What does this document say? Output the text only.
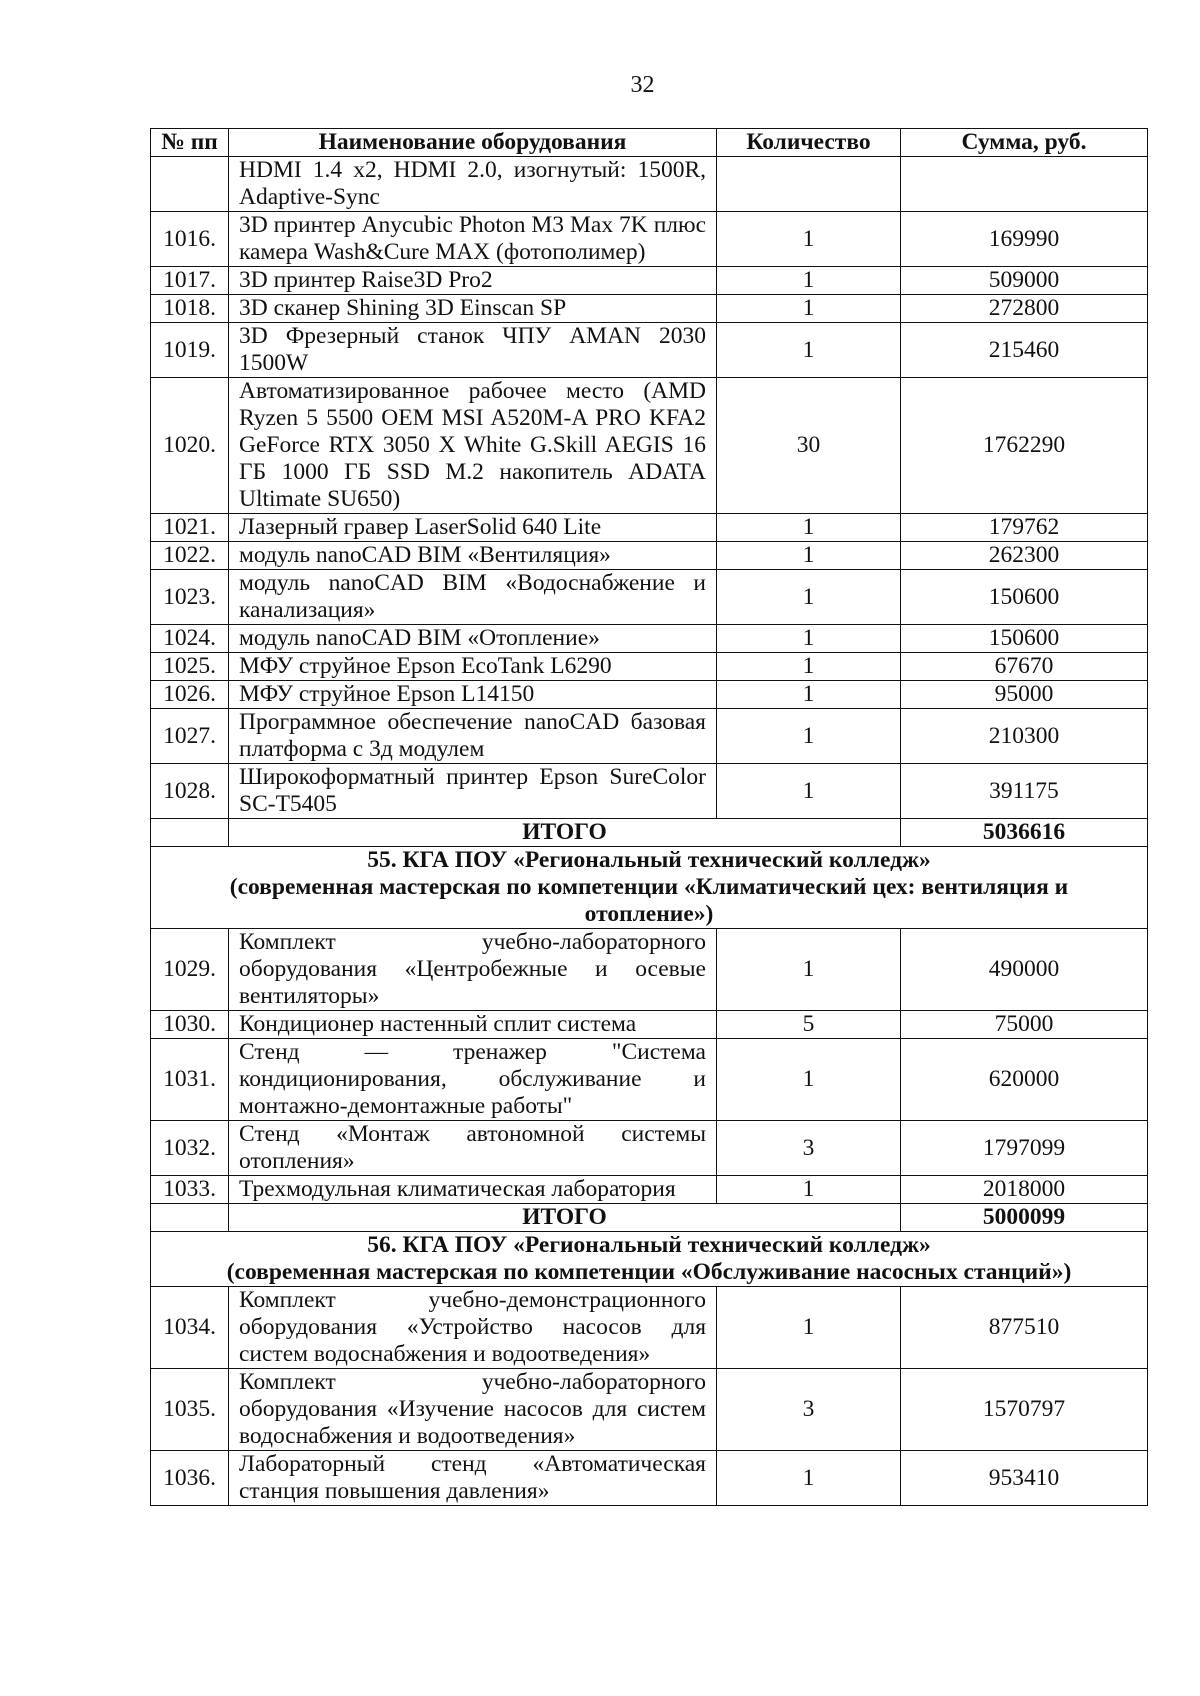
32
№ пп	Наименование оборудования	Количество	Сумма, руб.
	HDMI 1.4 x2, HDMI 2.0, изогнутый: 1500R, Adaptive-Sync		
1016.	3D принтер Anycubic Photon M3 Max 7K плюс камера Wash&Cure MAX (фотополимер)	1	169990
1017.	3D принтер Raise3D Pro2	1	509000
1018.	3D сканер Shining 3D Einscan SP	1	272800
1019.	3D Фрезерный станок ЧПУ AMAN 2030 1500W	1	215460
1020.	Автоматизированное рабочее место (AMD Ryzen 5 5500 OEM MSI A520M-A PRO KFA2 GeForce RTX 3050 X White G.Skill AEGIS 16 ГБ 1000 ГБ SSD M.2 накопитель ADATA Ultimate SU650)	30	1762290
1021.	Лазерный гравер LaserSolid 640 Lite	1	179762
1022.	модуль nanoCAD BIM «Вентиляция»	1	262300
1023.	модуль nanoCAD BIM «Водоснабжение и канализация»	1	150600
1024.	модуль nanoCAD BIM «Отопление»	1	150600
1025.	МФУ струйное Epson EcoTank L6290	1	67670
1026.	МФУ струйное Epson L14150	1	95000
1027.	Программное обеспечение nanoCAD базовая платформа с 3д модулем	1	210300
1028.	Широкоформатный принтер Epson SureColor SC-T5405	1	391175
	ИТОГО		5036616

55. КГА ПОУ «Региональный технический колледж»
(современная мастерская по компетенции «Климатический цех: вентиляция и отопление»)			

1029.	Комплект учебно-лабораторного оборудования «Центробежные и осевые вентиляторы»	1	490000
1030.	Кондиционер настенный сплит система	5	75000
1031.	Стенд — тренажер "Система кондиционирования, обслуживание и монтажно-демонтажные работы"	1	620000
1032.	Стенд «Монтаж автономной системы отопления»	3	1797099
1033.	Трехмодульная климатическая лаборатория	1	2018000
	ИТОГО		5000099

56. КГА ПОУ «Региональный технический колледж»
(современная мастерская по компетенции «Обслуживание насосных станций»)			

1034.	Комплект учебно-демонстрационного оборудования «Устройство насосов для систем водоснабжения и водоотведения»	1	877510
1035.	Комплект учебно-лабораторного оборудования «Изучение насосов для систем водоснабжения и водоотведения»	3	1570797
1036.	Лабораторный стенд «Автоматическая станция повышения давления»	1	953410
